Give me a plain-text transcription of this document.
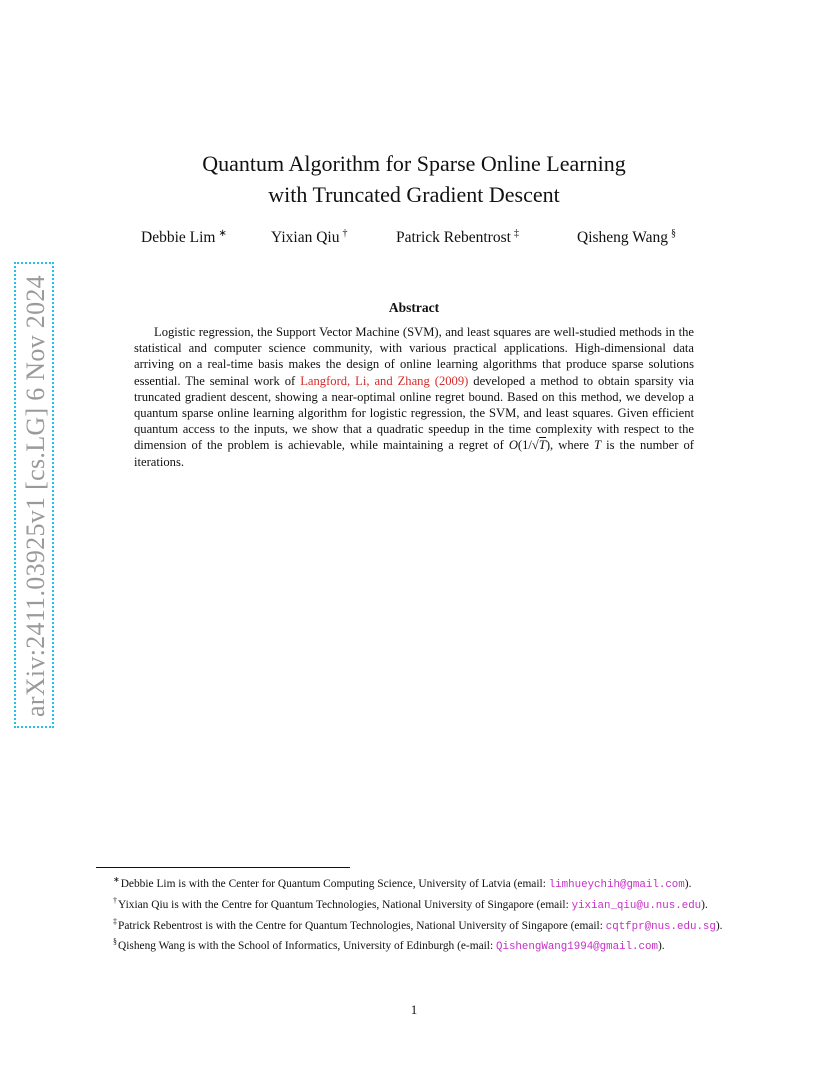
arXiv:2411.03925v1 [cs.LG] 6 Nov 2024
Quantum Algorithm for Sparse Online Learning
with Truncated Gradient Descent
Debbie Lim ∗	Yixian Qiu †	Patrick Rebentrost ‡	Qisheng Wang §
Abstract

Logistic regression, the Support Vector Machine (SVM), and least squares are well-studied methods in the statistical and computer science community, with various practical applications. High-dimensional data arriving on a real-time basis makes the design of online learning algorithms that produce sparse solutions essential. The seminal work of Langford, Li, and Zhang (2009) developed a method to obtain sparsity via truncated gradient descent, showing a near-optimal online regret bound. Based on this method, we develop a quantum sparse online learning algorithm for logistic regression, the SVM, and least squares. Given efficient quantum access to the inputs, we show that a quadratic speedup in the time complexity with respect to the dimension of the problem is achievable, while maintaining a regret of O(1/√T), where T is the number of iterations.

∗Debbie Lim is with the Center for Quantum Computing Science, University of Latvia (email: limhueychih@gmail.com).

†Yixian Qiu is with the Centre for Quantum Technologies, National University of Singapore (email: yixian_qiu@u.nus.edu).

‡Patrick Rebentrost is with the Centre for Quantum Technologies, National University of Singapore (email: cqtfpr@nus.edu.sg).

§Qisheng Wang is with the School of Informatics, University of Edinburgh (e-mail: QishengWang1994@gmail.com).

1
